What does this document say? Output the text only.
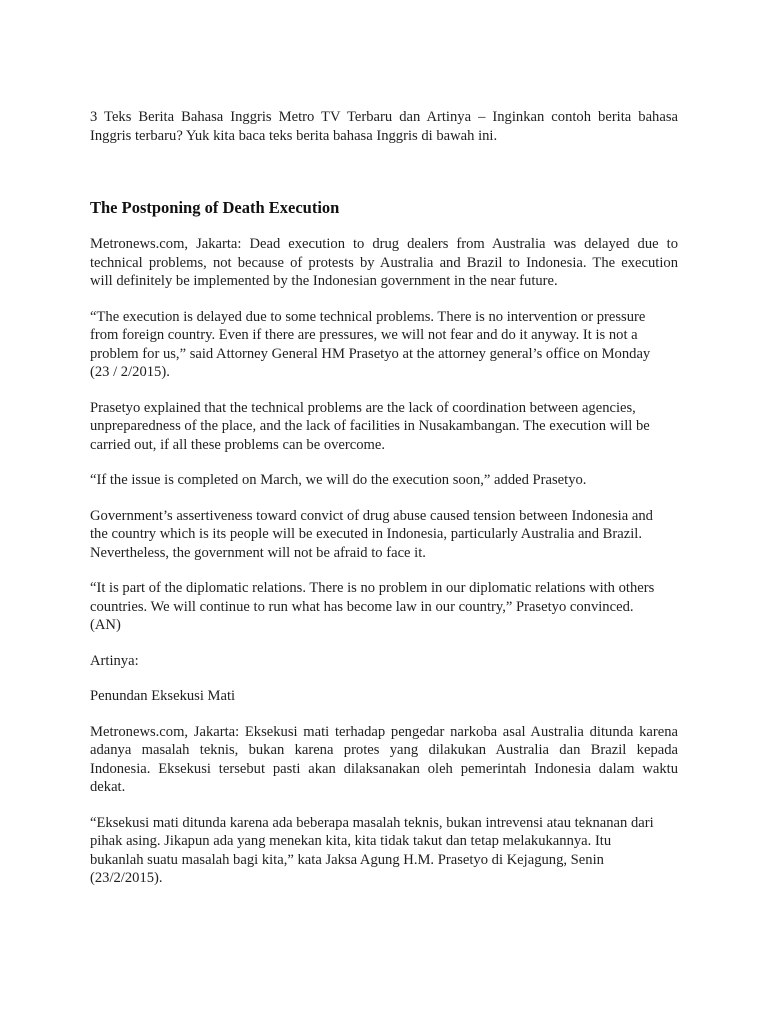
3 Teks Berita Bahasa Inggris Metro TV Terbaru dan Artinya – Inginkan contoh berita bahasa
Inggris terbaru? Yuk kita baca teks berita bahasa Inggris di bawah ini.
The Postponing of Death Execution
Metronews.com, Jakarta: Dead execution to drug dealers from Australia was delayed due to
technical problems, not because of protests by Australia and Brazil to Indonesia. The execution
will definitely be implemented by the Indonesian government in the near future.
“The execution is delayed due to some technical problems. There is no intervention or pressure
from foreign country. Even if there are pressures, we will not fear and do it anyway. It is not a
problem for us,” said Attorney General HM Prasetyo at the attorney general’s office on Monday
(23 / 2/2015).
Prasetyo explained that the technical problems are the lack of coordination between agencies,
unpreparedness of the place, and the lack of facilities in Nusakambangan. The execution will be
carried out, if all these problems can be overcome.
“If the issue is completed on March, we will do the execution soon,” added Prasetyo.
Government’s assertiveness toward convict of drug abuse caused tension between Indonesia and
the country which is its people will be executed in Indonesia, particularly Australia and Brazil.
Nevertheless, the government will not be afraid to face it.
“It is part of the diplomatic relations. There is no problem in our diplomatic relations with others
countries. We will continue to run what has become law in our country,” Prasetyo convinced.
(AN)
Artinya:
Penundan Eksekusi Mati
Metronews.com, Jakarta: Eksekusi mati terhadap pengedar narkoba asal Australia ditunda karena
adanya masalah teknis, bukan karena protes yang dilakukan Australia dan Brazil kepada
Indonesia. Eksekusi tersebut pasti akan dilaksanakan oleh pemerintah Indonesia dalam waktu
dekat.
“Eksekusi mati ditunda karena ada beberapa masalah teknis, bukan intrevensi atau teknanan dari
pihak asing. Jikapun ada yang menekan kita, kita tidak takut dan tetap melakukannya. Itu
bukanlah suatu masalah bagi kita,” kata Jaksa Agung H.M. Prasetyo di Kejagung, Senin
(23/2/2015).
